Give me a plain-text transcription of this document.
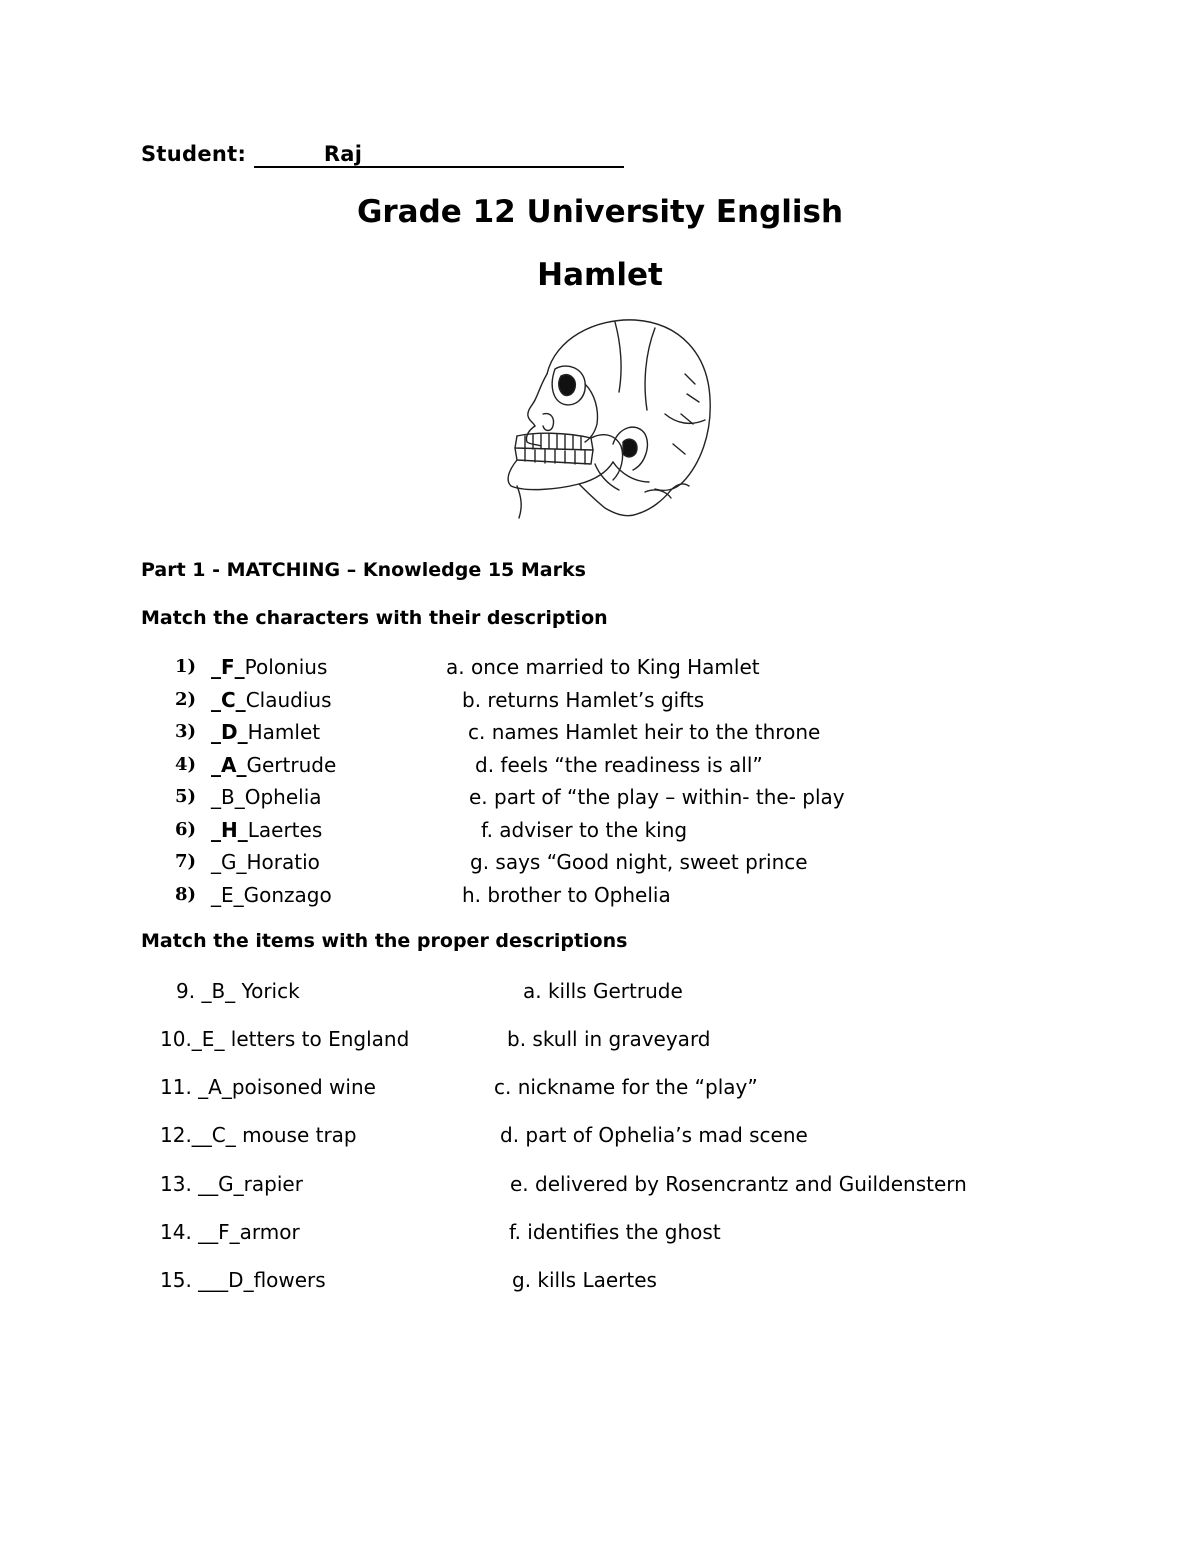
Student:	Raj
Grade 12 University English
Hamlet
Part 1 - MATCHING – Knowledge 15 Marks
Match the characters with their description
1) _F_Polonius	a. once married to King Hamlet
2) _C_Claudius	b. returns Hamlet’s gifts
3) _D_Hamlet	c. names Hamlet heir to the throne
4) _A_Gertrude	d. feels “the readiness is all”
5) _B_Ophelia	e. part of “the play – within- the- play
6) _H_Laertes	f. adviser to the king
7) _G_Horatio	g. says “Good night, sweet prince
8) _E_Gonzago	h. brother to Ophelia
Match the items with the proper descriptions
9. _B_ Yorick	a. kills Gertrude
10._E_ letters to England	b. skull in graveyard
11. _A_poisoned wine	c. nickname for the “play”
12.__C_ mouse trap	d. part of Ophelia’s mad scene
13. __G_rapier	e. delivered by Rosencrantz and Guildenstern
14. __F_armor	f. identifies the ghost
15. ___D_flowers	g. kills Laertes
